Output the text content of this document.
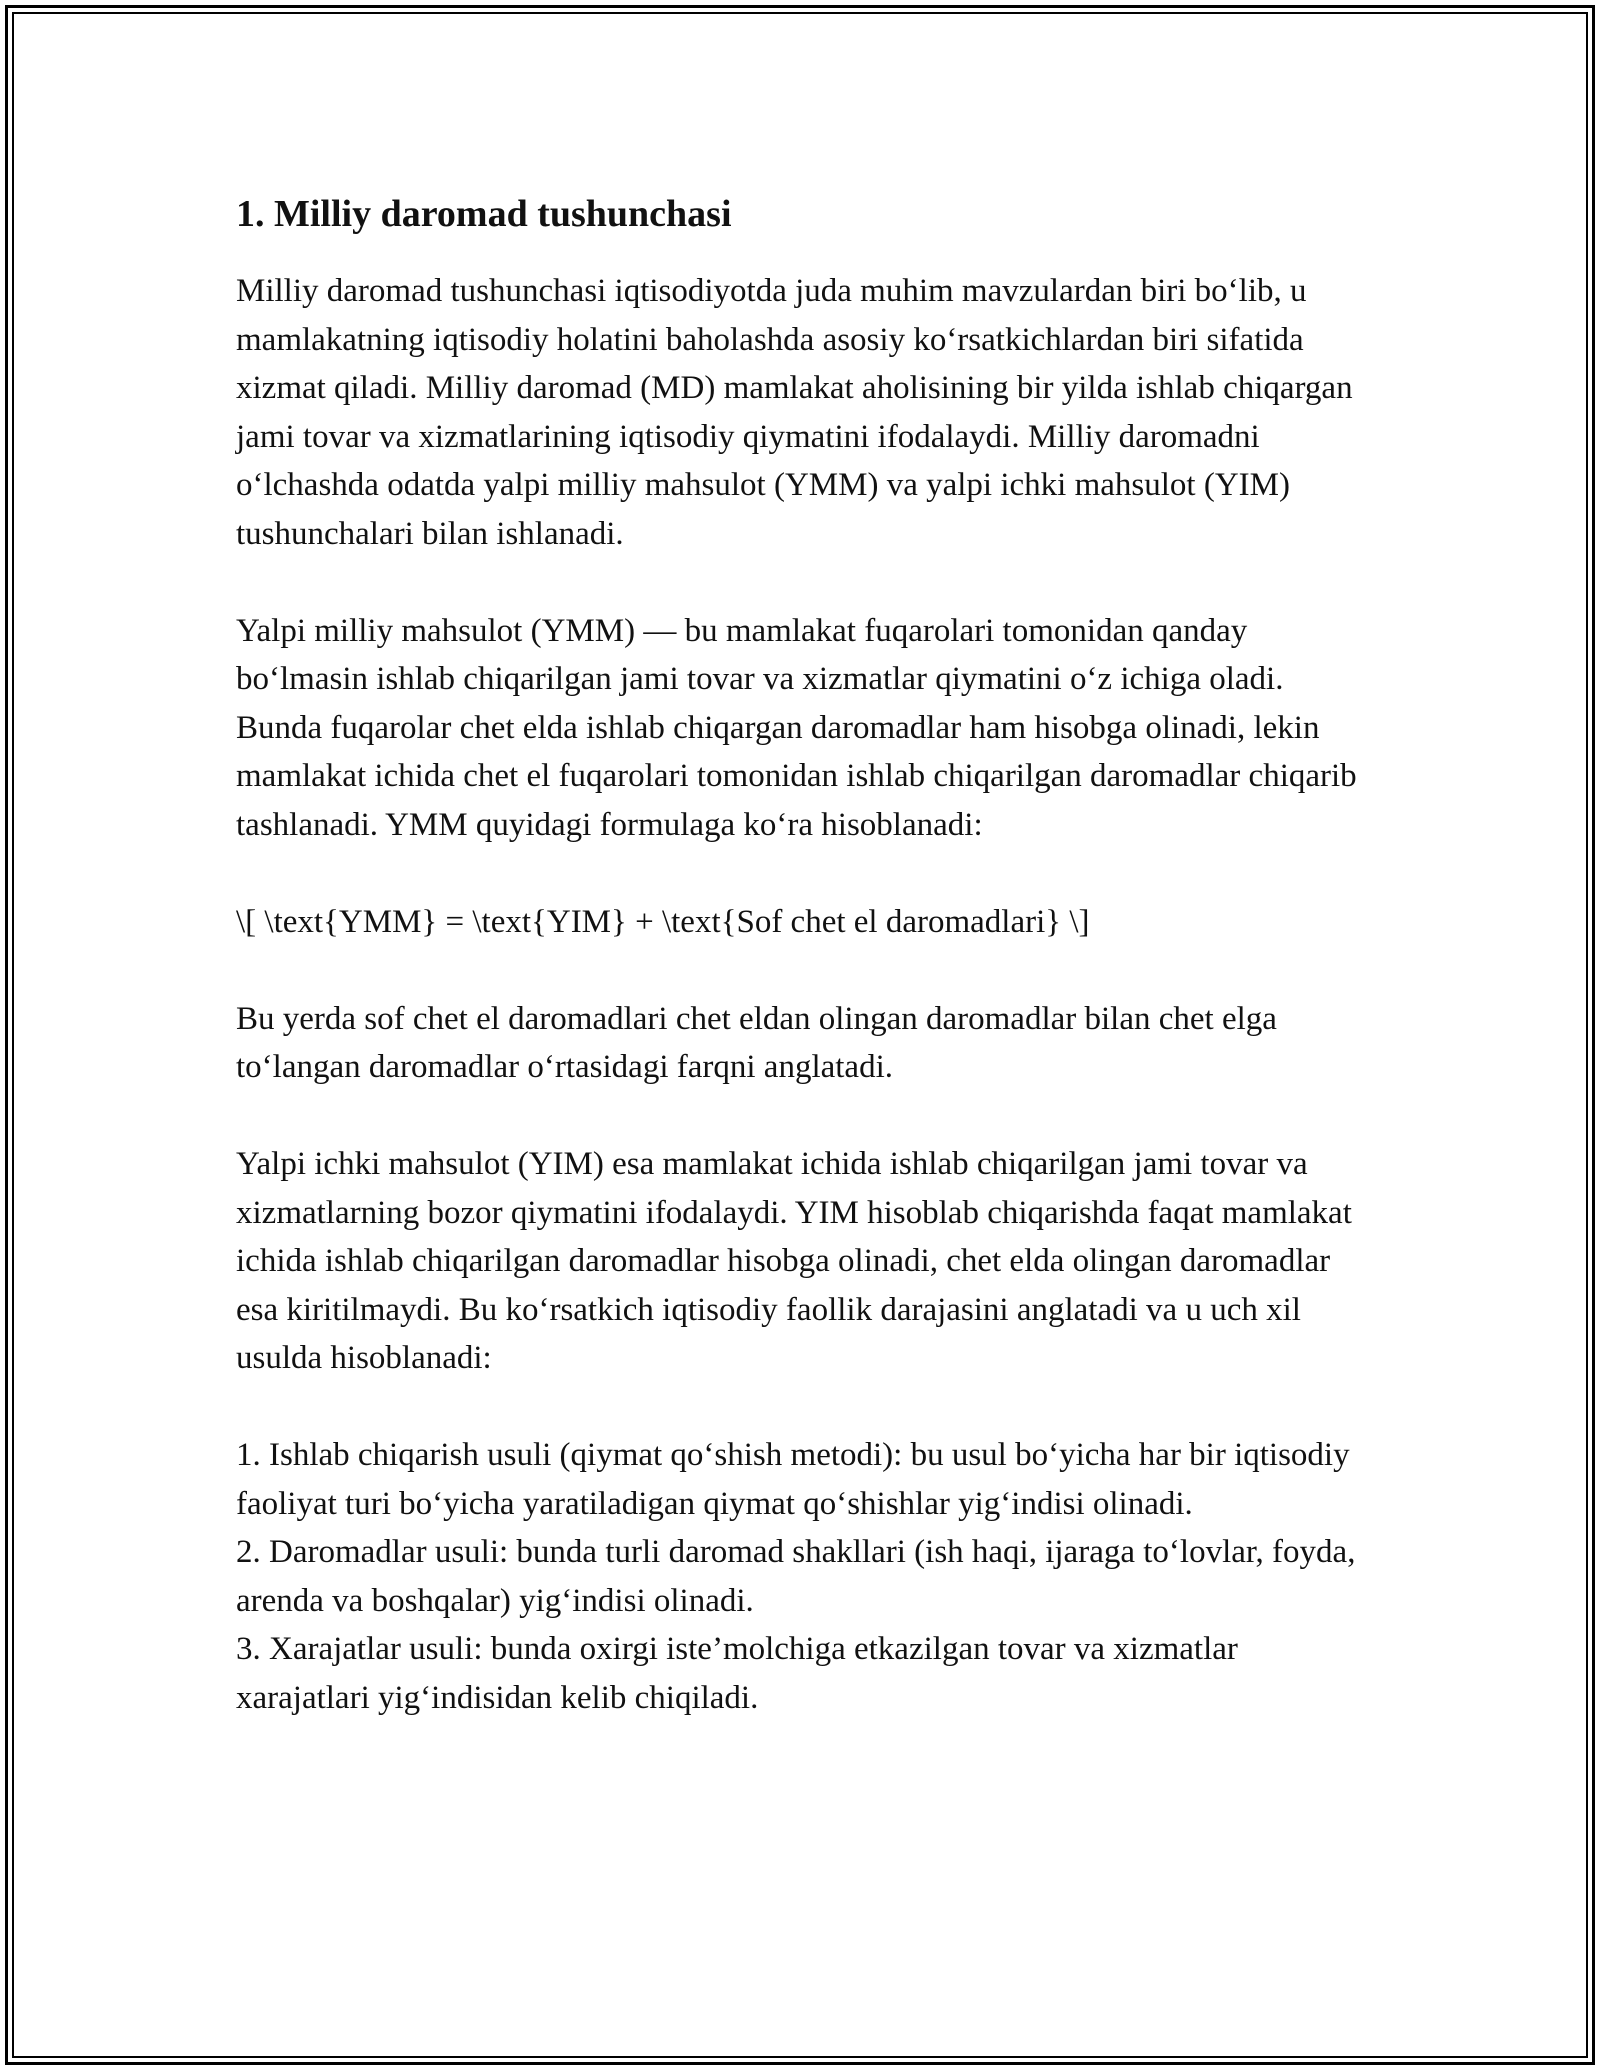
1. Milliy daromad tushunchasi

Milliy daromad tushunchasi iqtisodiyotda juda muhim mavzulardan biri bo‘lib, u mamlakatning iqtisodiy holatini baholashda asosiy ko‘rsatkichlardan biri sifatida xizmat qiladi. Milliy daromad (MD) mamlakat aholisining bir yilda ishlab chiqargan jami tovar va xizmatlarining iqtisodiy qiymatini ifodalaydi. Milliy daromadni o‘lchashda odatda yalpi milliy mahsulot (YMM) va yalpi ichki mahsulot (YIM) tushunchalari bilan ishlanadi.

Yalpi milliy mahsulot (YMM) — bu mamlakat fuqarolari tomonidan qanday bo‘lmasin ishlab chiqarilgan jami tovar va xizmatlar qiymatini o‘z ichiga oladi. Bunda fuqarolar chet elda ishlab chiqargan daromadlar ham hisobga olinadi, lekin mamlakat ichida chet el fuqarolari tomonidan ishlab chiqarilgan daromadlar chiqarib tashlanadi. YMM quyidagi formulaga ko‘ra hisoblanadi:

\[ \text{YMM} = \text{YIM} + \text{Sof chet el daromadlari} \]

Bu yerda sof chet el daromadlari chet eldan olingan daromadlar bilan chet elga to‘langan daromadlar o‘rtasidagi farqni anglatadi.

Yalpi ichki mahsulot (YIM) esa mamlakat ichida ishlab chiqarilgan jami tovar va xizmatlarning bozor qiymatini ifodalaydi. YIM hisoblab chiqarishda faqat mamlakat ichida ishlab chiqarilgan daromadlar hisobga olinadi, chet elda olingan daromadlar esa kiritilmaydi. Bu ko‘rsatkich iqtisodiy faollik darajasini anglatadi va u uch xil usulda hisoblanadi:

1. Ishlab chiqarish usuli (qiymat qo‘shish metodi): bu usul bo‘yicha har bir iqtisodiy faoliyat turi bo‘yicha yaratiladigan qiymat qo‘shishlar yig‘indisi olinadi.

2. Daromadlar usuli: bunda turli daromad shakllari (ish haqi, ijaraga to‘lovlar, foyda, arenda va boshqalar) yig‘indisi olinadi.

3. Xarajatlar usuli: bunda oxirgi iste’molchiga etkazilgan tovar va xizmatlar xarajatlari yig‘indisidan kelib chiqiladi.
